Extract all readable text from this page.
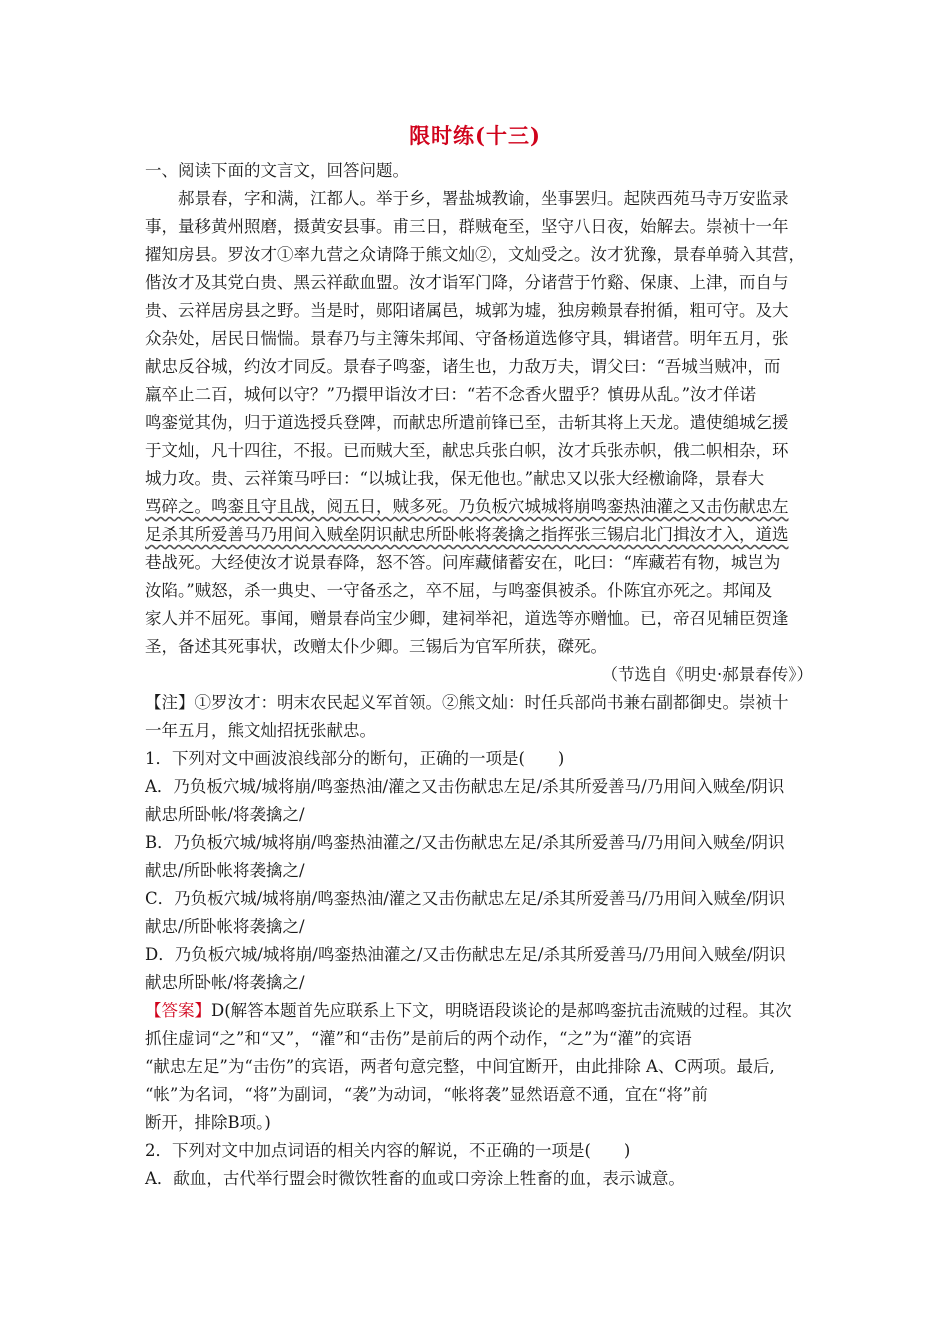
限时练(十三)
一、阅读下面的文言文，回答问题。
郝景春，字和满，江都人。举于乡，署盐城教谕，坐事罢归。起陕西苑马寺万安监录
事，量移黄州照磨，摄黄安县事。甫三日，群贼奄至，坚守八日夜，始解去。崇祯十一年
擢知房县。罗汝才①率九营之众请降于熊文灿②，文灿受之。汝才犹豫，景春单骑入其营，
偕汝才及其党白贵、黑云祥歃血盟。汝才诣军门降，分诸营于竹谿、保康、上津，而自与
贵、云祥居房县之野。当是时，郧阳诸属邑，城郭为墟，独房赖景春拊循，粗可守。及大
众杂处，居民日惴惴。景春乃与主簿朱邦闻、守备杨道选修守具，辑诸营。明年五月，张
献忠反谷城，约汝才同反。景春子鸣銮，诸生也，力敌万夫，谓父曰：“吾城当贼冲，而
羸卒止二百，城何以守？”乃擐甲诣汝才曰：“若不念香火盟乎？慎毋从乱。”汝才佯诺
鸣銮觉其伪，归于道选授兵登陴，而献忠所遣前锋已至，击斩其将上天龙。遣使缒城乞援
于文灿，凡十四往，不报。已而贼大至，献忠兵张白帜，汝才兵张赤帜，俄二帜相杂，环
城力攻。贵、云祥策马呼曰：“以城让我，保无他也。”献忠又以张大经檄谕降，景春大
骂碎之。鸣銮且守且战，阅五日，贼多死。乃负板穴城城将崩鸣銮热油灌之又击伤献忠左
足杀其所爱善马乃用间入贼垒阴识献忠所卧帐将袭擒之指挥张三锡启北门揖汝才入，道选
巷战死。大经使汝才说景春降，怒不答。问库藏储蓄安在，叱曰：“库藏若有物，城岂为
汝陷。”贼怒，杀一典史、一守备丞之，卒不屈，与鸣銮俱被杀。仆陈宜亦死之。邦闻及
家人并不屈死。事闻，赠景春尚宝少卿，建祠举祀，道选等亦赠恤。已，帝召见辅臣贺逢
圣，备述其死事状，改赠太仆少卿。三锡后为官军所获，磔死。
（节选自《明史·郝景春传》）
【注】①罗汝才：明末农民起义军首领。②熊文灿：时任兵部尚书兼右副都御史。崇祯十
一年五月，熊文灿招抚张献忠。
1．下列对文中画波浪线部分的断句，正确的一项是(　　)
A．乃负板穴城/城将崩/鸣銮热油/灌之又击伤献忠左足/杀其所爱善马/乃用间入贼垒/阴识
献忠所卧帐/将袭擒之/
B．乃负板穴城/城将崩/鸣銮热油灌之/又击伤献忠左足/杀其所爱善马/乃用间入贼垒/阴识
献忠/所卧帐将袭擒之/
C．乃负板穴城/城将崩/鸣銮热油/灌之又击伤献忠左足/杀其所爱善马/乃用间入贼垒/阴识
献忠/所卧帐将袭擒之/
D．乃负板穴城/城将崩/鸣銮热油灌之/又击伤献忠左足/杀其所爱善马/乃用间入贼垒/阴识
献忠所卧帐/将袭擒之/
【答案】D(解答本题首先应联系上下文，明晓语段谈论的是郝鸣銮抗击流贼的过程。其次
抓住虚词“之”和“又”，“灌”和“击伤”是前后的两个动作，“之”为“灌”的宾语
“献忠左足”为“击伤”的宾语，两者句意完整，中间宜断开，由此排除 A、C两项。最后,
“帐”为名词，“将”为副词，“袭”为动词，“帐将袭”显然语意不通，宜在“将”前
断开，排除B项。)
2．下列对文中加点词语的相关内容的解说，不正确的一项是(　　)
A．歃血，古代举行盟会时微饮牲畜的血或口旁涂上牲畜的血，表示诚意。
